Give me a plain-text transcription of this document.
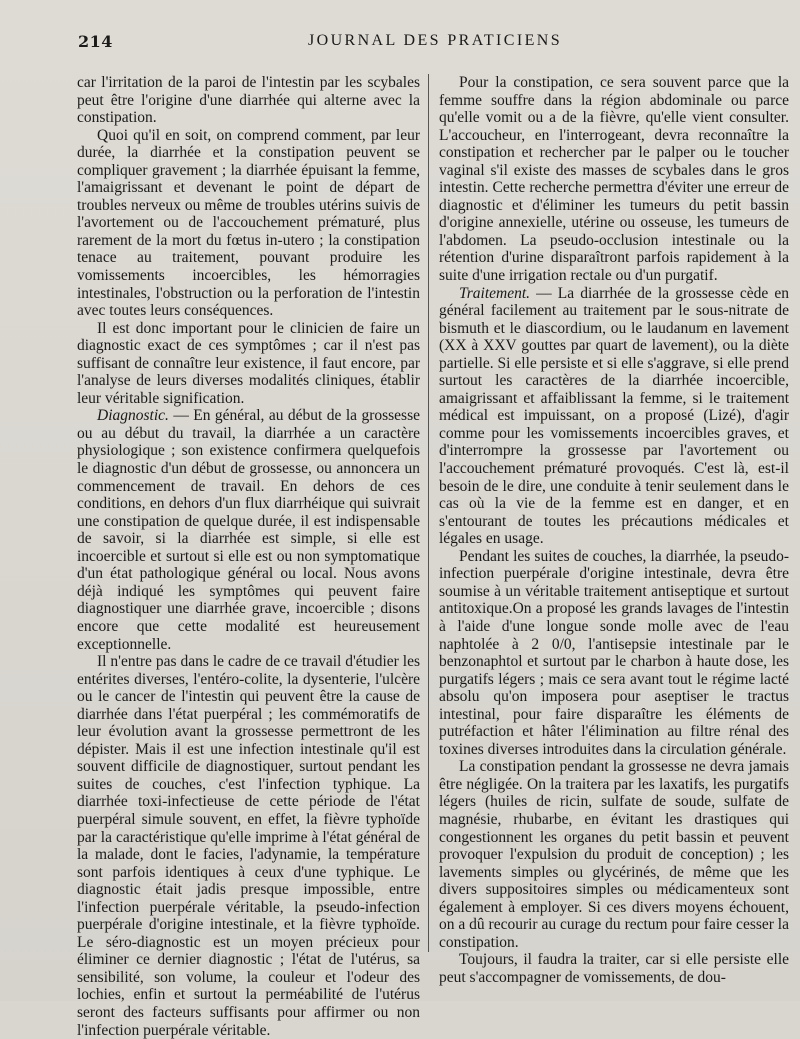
214	JOURNAL DES PRATICIENS

car l'irritation de la paroi de l'intestin par les scybales peut être l'origine d'une diarrhée qui alterne avec la constipation.

Quoi qu'il en soit, on comprend comment, par leur durée, la diarrhée et la constipation peuvent se compliquer gravement ; la diarrhée épuisant la femme, l'amaigrissant et devenant le point de départ de troubles nerveux ou même de troubles utérins suivis de l'avortement ou de l'accouchement prématuré, plus rarement de la mort du fœtus in-utero ; la constipation tenace au traitement, pouvant produire les vomissements incoercibles, les hémorragies intestinales, l'obstruction ou la perforation de l'intestin avec toutes leurs conséquences.

Il est donc important pour le clinicien de faire un diagnostic exact de ces symptômes ; car il n'est pas suffisant de connaître leur existence, il faut encore, par l'analyse de leurs diverses modalités cliniques, établir leur véritable signification.

Diagnostic. — En général, au début de la grossesse ou au début du travail, la diarrhée a un caractère physiologique ; son existence confirmera quelquefois le diagnostic d'un début de grossesse, ou annoncera un commencement de travail. En dehors de ces conditions, en dehors d'un flux diarrhéique qui suivrait une constipation de quelque durée, il est indispensable de savoir, si la diarrhée est simple, si elle est incoercible et surtout si elle est ou non symptomatique d'un état pathologique général ou local. Nous avons déjà indiqué les symptômes qui peuvent faire diagnostiquer une diarrhée grave, incoercible ; disons encore que cette modalité est heureusement exceptionnelle.

Il n'entre pas dans le cadre de ce travail d'étudier les entérites diverses, l'entéro-colite, la dysenterie, l'ulcère ou le cancer de l'intestin qui peuvent être la cause de diarrhée dans l'état puerpéral ; les commémoratifs de leur évolution avant la grossesse permettront de les dépister. Mais il est une infection intestinale qu'il est souvent difficile de diagnostiquer, surtout pendant les suites de couches, c'est l'infection typhique. La diarrhée toxi-infectieuse de cette période de l'état puerpéral simule souvent, en effet, la fièvre typhoïde par la caractéristique qu'elle imprime à l'état général de la malade, dont le facies, l'adynamie, la température sont parfois identiques à ceux d'une typhique. Le diagnostic était jadis presque impossible, entre l'infection puerpérale véritable, la pseudo-infection puerpérale d'origine intestinale, et la fièvre typhoïde. Le séro-diagnostic est un moyen précieux pour éliminer ce dernier diagnostic ; l'état de l'utérus, sa sensibilité, son volume, la couleur et l'odeur des lochies, enfin et surtout la perméabilité de l'utérus seront des facteurs suffisants pour affirmer ou non l'infection puerpérale véritable.

Pour la constipation, ce sera souvent parce que la femme souffre dans la région abdominale ou parce qu'elle vomit ou a de la fièvre, qu'elle vient consulter. L'accoucheur, en l'interrogeant, devra reconnaître la constipation et rechercher par le palper ou le toucher vaginal s'il existe des masses de scybales dans le gros intestin. Cette recherche permettra d'éviter une erreur de diagnostic et d'éliminer les tumeurs du petit bassin d'origine annexielle, utérine ou osseuse, les tumeurs de l'abdomen. La pseudo-occlusion intestinale ou la rétention d'urine disparaîtront parfois rapidement à la suite d'une irrigation rectale ou d'un purgatif.

Traitement. — La diarrhée de la grossesse cède en général facilement au traitement par le sous-nitrate de bismuth et le diascordium, ou le laudanum en lavement (XX à XXV gouttes par quart de lavement), ou la diète partielle. Si elle persiste et si elle s'aggrave, si elle prend surtout les caractères de la diarrhée incoercible, amaigrissant et affaiblissant la femme, si le traitement médical est impuissant, on a proposé (Lizé), d'agir comme pour les vomissements incoercibles graves, et d'interrompre la grossesse par l'avortement ou l'accouchement prématuré provoqués. C'est là, est-il besoin de le dire, une conduite à tenir seulement dans le cas où la vie de la femme est en danger, et en s'entourant de toutes les précautions médicales et légales en usage.

Pendant les suites de couches, la diarrhée, la pseudo-infection puerpérale d'origine intestinale, devra être soumise à un véritable traitement antiseptique et surtout antitoxique.On a proposé les grands lavages de l'intestin à l'aide d'une longue sonde molle avec de l'eau naphtolée à 2 0/0, l'antisepsie intestinale par le benzonaphtol et surtout par le charbon à haute dose, les purgatifs légers ; mais ce sera avant tout le régime lacté absolu qu'on imposera pour aseptiser le tractus intestinal, pour faire disparaître les éléments de putréfaction et hâter l'élimination au filtre rénal des toxines diverses introduites dans la circulation générale.

La constipation pendant la grossesse ne devra jamais être négligée. On la traitera par les laxatifs, les purgatifs légers (huiles de ricin, sulfate de soude, sulfate de magnésie, rhubarbe, en évitant les drastiques qui congestionnent les organes du petit bassin et peuvent provoquer l'expulsion du produit de conception) ; les lavements simples ou glycérinés, de même que les divers suppositoires simples ou médicamenteux sont également à employer. Si ces divers moyens échouent, on a dû recourir au curage du rectum pour faire cesser la constipation.

Toujours, il faudra la traiter, car si elle persiste elle peut s'accompagner de vomissements, de dou-
